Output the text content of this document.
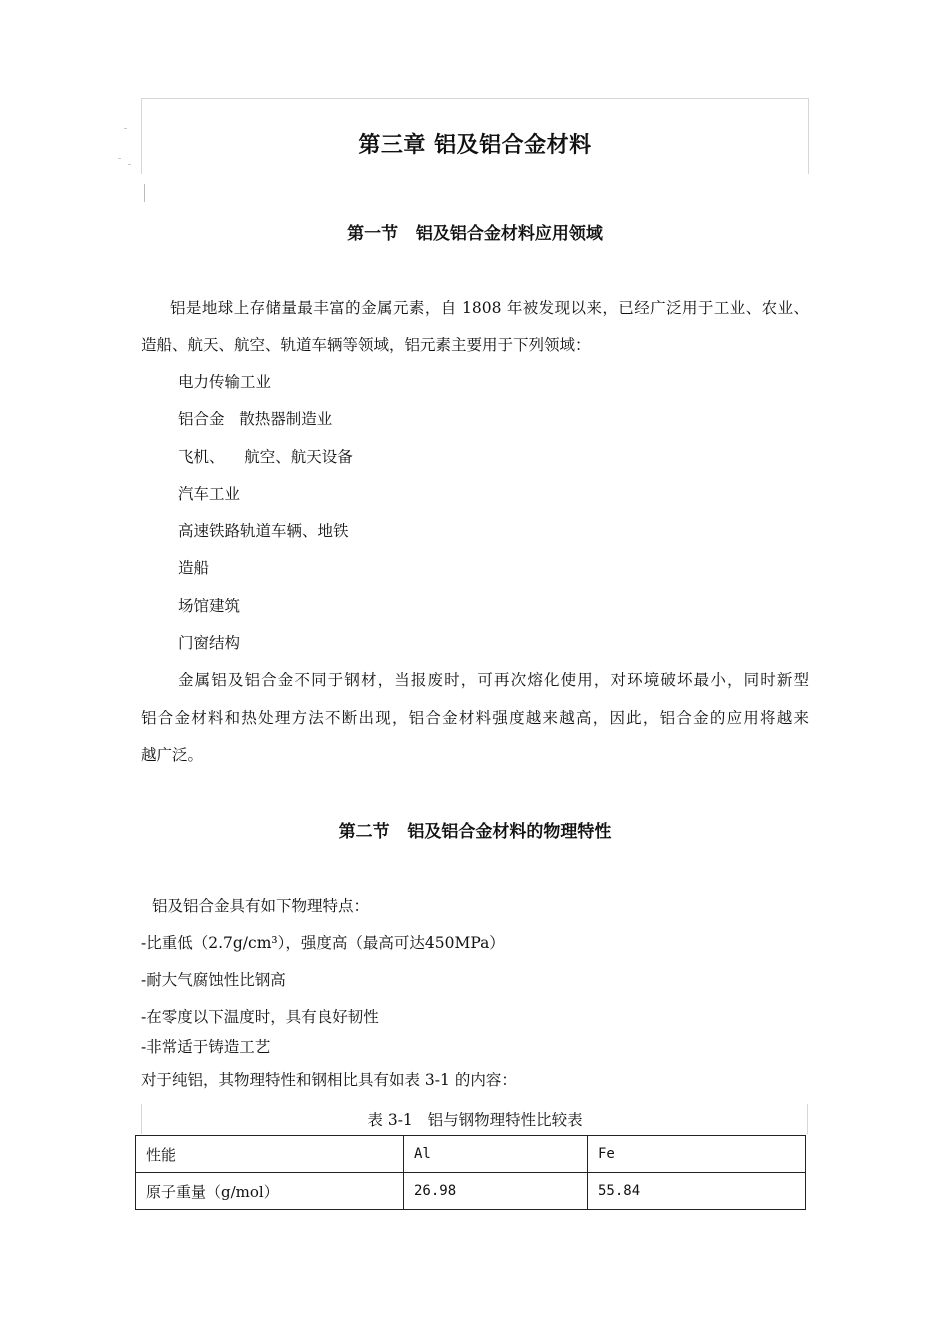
第三章 铝及铝合金材料
第一节   铝及铝合金材料应用领域
铝是地球上存储量最丰富的金属元素，自 1808 年被发现以来，已经广泛用于工业、农业、
造船、航天、航空、轨道车辆等领域，铝元素主要用于下列领域：
电力传输工业
铝合金   散热器制造业
飞机、    航空、航天设备
汽车工业
高速铁路轨道车辆、地铁
造船
场馆建筑
门窗结构
金属铝及铝合金不同于钢材，当报废时，可再次熔化使用，对环境破坏最小，同时新型
铝合金材料和热处理方法不断出现，铝合金材料强度越来越高，因此，铝合金的应用将越来
越广泛。
第二节   铝及铝合金材料的物理特性
铝及铝合金具有如下物理特点：
-比重低（2.7g/cm³），强度高（最高可达450MPa）
-耐大气腐蚀性比钢高
-在零度以下温度时，具有良好韧性
-非常适于铸造工艺
对于纯铝，其物理特性和钢相比具有如表 3-1 的内容：
表 3-1   铝与钢物理特性比较表
性能	Al	Fe
原子重量（g/mol）	26.98	55.84
